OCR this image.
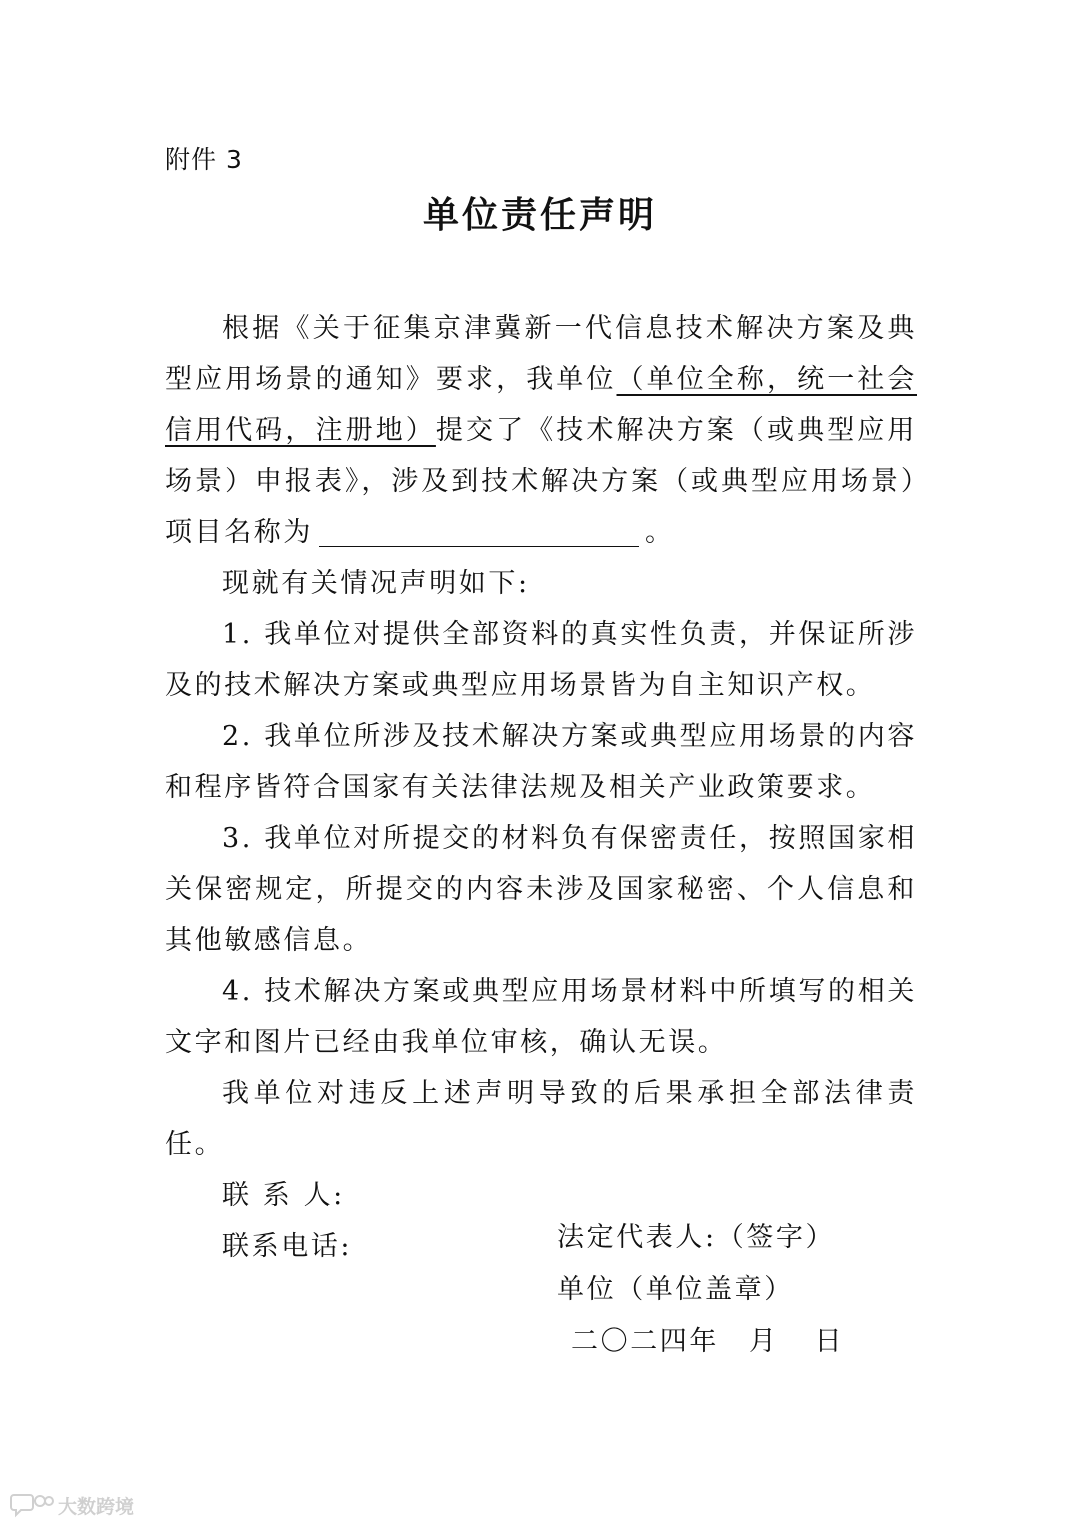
附件 3
单位责任声明

根据《关于征集京津冀新一代信息技术解决方案及典型应用场景的通知》要求，我单位（单位全称，统一社会信用代码，注册地）提交了《技术解决方案（或典型应用场景）申报表》，涉及到技术解决方案（或典型应用场景）项目名称为	。

现就有关情况声明如下:

1. 我单位对提供全部资料的真实性负责，并保证所涉及的技术解决方案或典型应用场景皆为自主知识产权。

2. 我单位所涉及技术解决方案或典型应用场景的内容和程序皆符合国家有关法律法规及相关产业政策要求。

3. 我单位对所提交的材料负有保密责任，按照国家相关保密规定，所提交的内容未涉及国家秘密、个人信息和其他敏感信息。

4. 技术解决方案或典型应用场景材料中所填写的相关文字和图片已经由我单位审核，确认无误。

我单位对违反上述声明导致的后果承担全部法律责任。

联 系 人:

联系电话:	法定代表人:（签字）
单位（单位盖章）
二〇二四年 月 日
大数跨境
